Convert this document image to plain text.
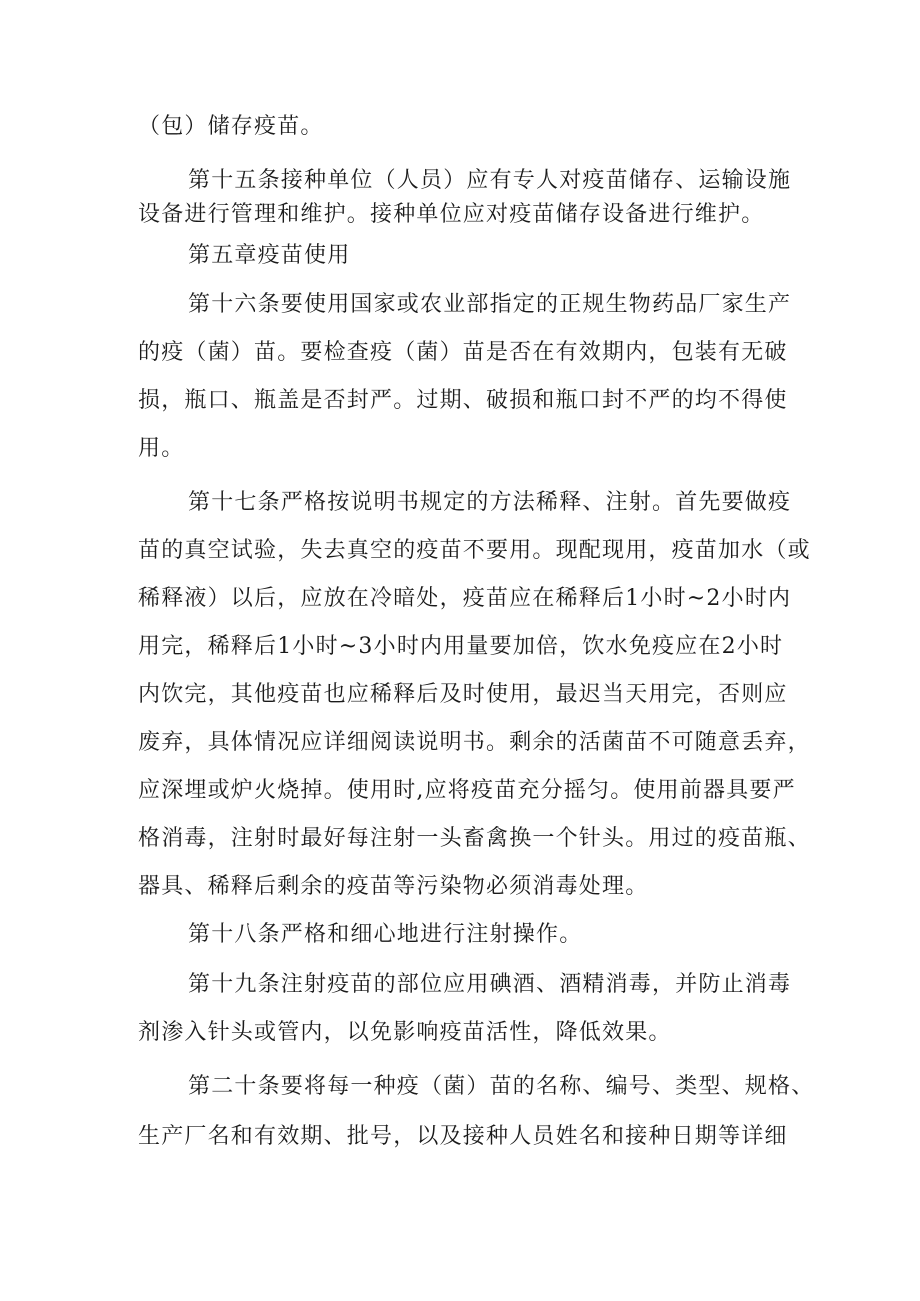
（包）储存疫苗。
第十五条接种单位（人员）应有专人对疫苗储存、运输设施
设备进行管理和维护。接种单位应对疫苗储存设备进行维护。
第五章疫苗使用
第十六条要使用国家或农业部指定的正规生物药品厂家生产
的疫（菌）苗。要检查疫（菌）苗是否在有效期内，包装有无破
损，瓶口、瓶盖是否封严。过期、破损和瓶口封不严的均不得使
用。
第十七条严格按说明书规定的方法稀释、注射。首先要做疫
苗的真空试验，失去真空的疫苗不要用。现配现用，疫苗加水（或
稀释液）以后，应放在冷暗处，疫苗应在稀释后1小时~2小时内
用完，稀释后1小时~3小时内用量要加倍，饮水免疫应在2小时
内饮完，其他疫苗也应稀释后及时使用，最迟当天用完，否则应
废弃，具体情况应详细阅读说明书。剩余的活菌苗不可随意丢弃，
应深埋或炉火烧掉。使用时,应将疫苗充分摇匀。使用前器具要严
格消毒，注射时最好每注射一头畜禽换一个针头。用过的疫苗瓶、
器具、稀释后剩余的疫苗等污染物必须消毒处理。
第十八条严格和细心地进行注射操作。
第十九条注射疫苗的部位应用碘酒、酒精消毒，并防止消毒
剂渗入针头或管内，以免影响疫苗活性，降低效果。
第二十条要将每一种疫（菌）苗的名称、编号、类型、规格、
生产厂名和有效期、批号，以及接种人员姓名和接种日期等详细
